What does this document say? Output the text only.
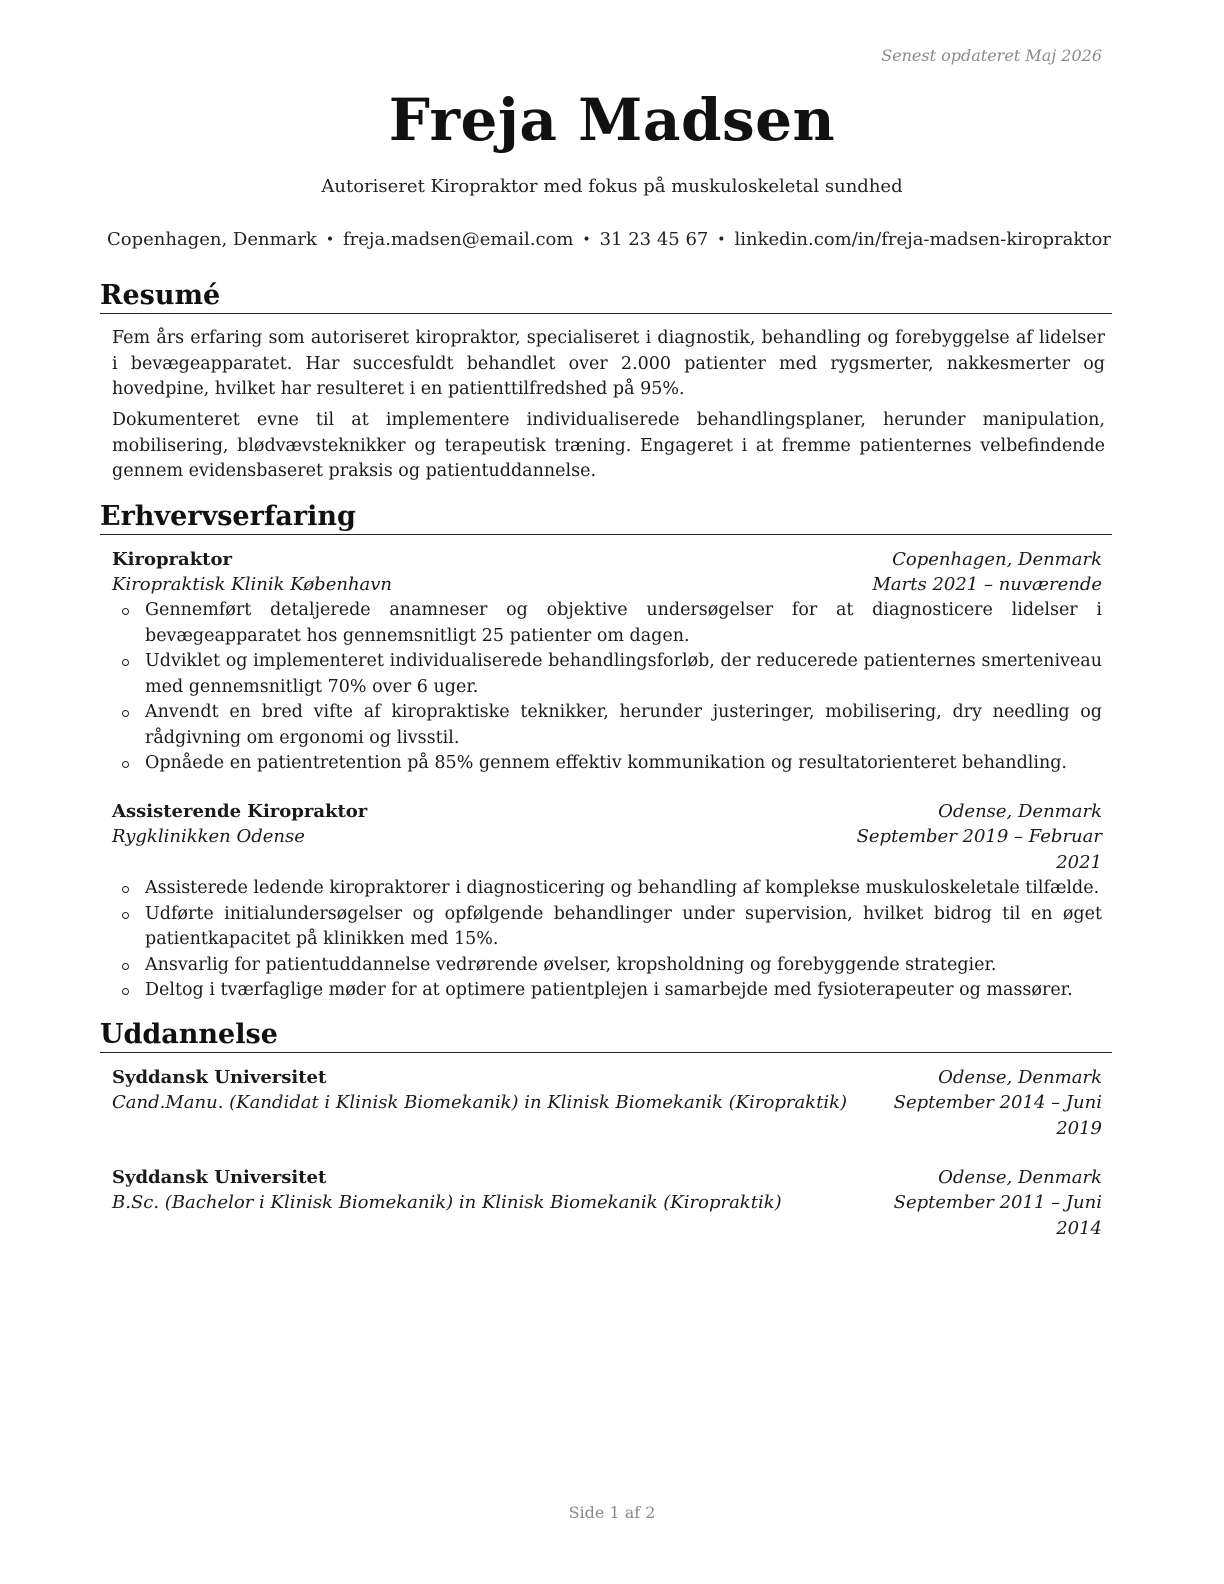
Senest opdateret Maj 2026
Freja Madsen
Autoriseret Kiropraktor med fokus på muskuloskeletal sundhed
Copenhagen, Denmark • freja.madsen@email.com • 31 23 45 67 • linkedin.com/in/freja-madsen-kiropraktor
Resumé
Fem års erfaring som autoriseret kiropraktor, specialiseret i diagnostik, behandling og forebyggelse af lidelser i bevægeapparatet. Har succesfuldt behandlet over 2.000 patienter med rygsmerter, nakkesmerter og hovedpine, hvilket har resulteret i en patienttilfredshed på 95%.
Dokumenteret evne til at implementere individualiserede behandlingsplaner, herunder manipulation, mobilisering, blødvævsteknikker og terapeutisk træning. Engageret i at fremme patienternes velbefindende gennem evidensbaseret praksis og patientuddannelse.
Erhvervserfaring
Kiropraktor	Copenhagen, Denmark
Kiropraktisk Klinik København	Marts 2021 – nuværende
Gennemført detaljerede anamneser og objektive undersøgelser for at diagnosticere lidelser i bevægeapparatet hos gennemsnitligt 25 patienter om dagen.
Udviklet og implementeret individualiserede behandlingsforløb, der reducerede patienternes smerteniveau med gennemsnitligt 70% over 6 uger.
Anvendt en bred vifte af kiropraktiske teknikker, herunder justeringer, mobilisering, dry needling og rådgivning om ergonomi og livsstil.
Opnåede en patientretention på 85% gennem effektiv kommunikation og resultatorienteret behandling.
Assisterende Kiropraktor	Odense, Denmark
Rygklinikken Odense	September 2019 – Februar
2021
Assisterede ledende kiropraktorer i diagnosticering og behandling af komplekse muskuloskeletale tilfælde.
Udførte initialundersøgelser og opfølgende behandlinger under supervision, hvilket bidrog til en øget patientkapacitet på klinikken med 15%.
Ansvarlig for patientuddannelse vedrørende øvelser, kropsholdning og forebyggende strategier.
Deltog i tværfaglige møder for at optimere patientplejen i samarbejde med fysioterapeuter og massører.
Uddannelse
Syddansk Universitet	Odense, Denmark
Cand.Manu. (Kandidat i Klinisk Biomekanik) in Klinisk Biomekanik (Kiropraktik)	September 2014 – Juni
2019
Syddansk Universitet	Odense, Denmark
B.Sc. (Bachelor i Klinisk Biomekanik) in Klinisk Biomekanik (Kiropraktik)	September 2011 – Juni
2014
Side 1 af 2
